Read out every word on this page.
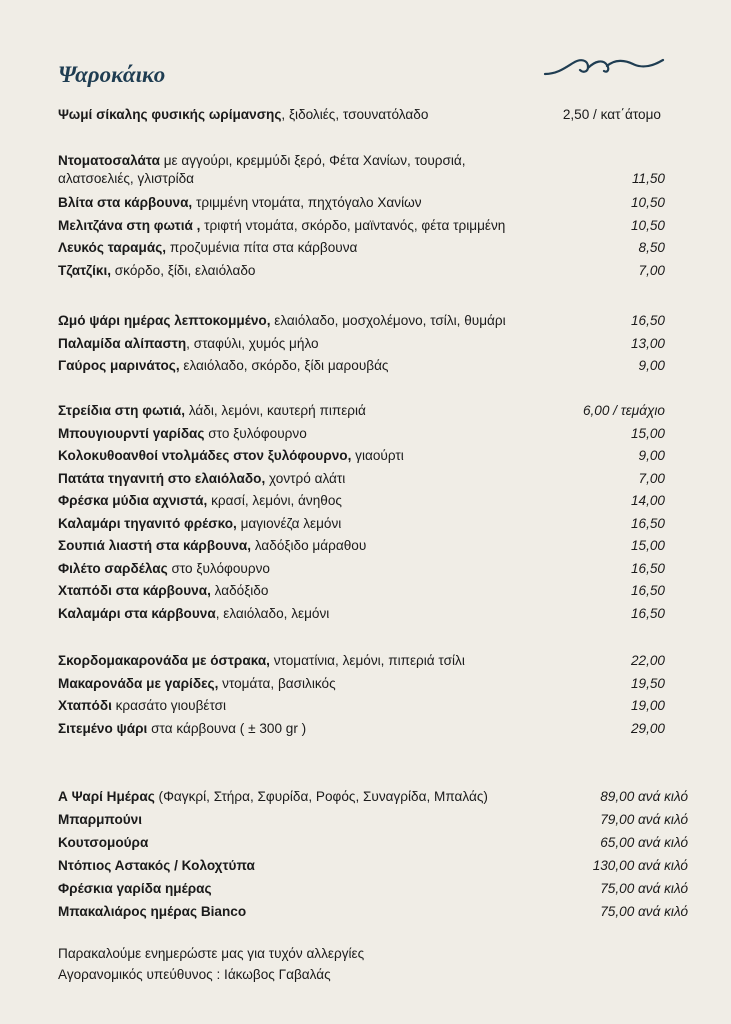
Ψαροκάικο
Ψωμί σίκαλης φυσικής ωρίμανσης, ξιδολιές, τσουνατόλαδο	2,50 / κατ΄άτομο
Ντοματοσαλάτα με αγγούρι, κρεμμύδι ξερό, Φέτα Χανίων, τουρσιά,
αλατσοελιές, γλιστρίδα	11,50
Βλίτα στα κάρβουνα, τριμμένη ντομάτα, πηχτόγαλο Χανίων	10,50
Μελιτζάνα στη φωτιά , τριφτή ντομάτα, σκόρδο, μαϊντανός, φέτα τριμμένη	10,50
Λευκός ταραμάς, προζυμένια πίτα στα κάρβουνα	8,50
Τζατζίκι, σκόρδο, ξίδι, ελαιόλαδο	7,00
Ωμό ψάρι ημέρας λεπτοκομμένο, ελαιόλαδο, μοσχολέμονο, τσίλι, θυμάρι	16,50
Παλαμίδα αλίπαστη, σταφύλι, χυμός μήλο	13,00
Γαύρος μαρινάτος, ελαιόλαδο, σκόρδο, ξίδι μαρουβάς	9,00
Στρείδια στη φωτιά, λάδι, λεμόνι, καυτερή πιπεριά	6,00 / τεμάχιο
Μπουγιουρντί γαρίδας στο ξυλόφουρνο	15,00
Κολοκυθοανθοί ντολμάδες στον ξυλόφουρνο, γιαούρτι	9,00
Πατάτα τηγανιτή στο ελαιόλαδο, χοντρό αλάτι	7,00
Φρέσκα μύδια αχνιστά, κρασί, λεμόνι, άνηθος	14,00
Καλαμάρι τηγανιτό φρέσκο, μαγιονέζα λεμόνι	16,50
Σουπιά λιαστή στα κάρβουνα, λαδόξιδο μάραθου	15,00
Φιλέτο σαρδέλας στο ξυλόφουρνο	16,50
Χταπόδι στα κάρβουνα, λαδόξιδο	16,50
Καλαμάρι στα κάρβουνα, ελαιόλαδο, λεμόνι	16,50
Σκορδομακαρονάδα με όστρακα, ντοματίνια, λεμόνι, πιπεριά τσίλι	22,00
Μακαρονάδα με γαρίδες, ντομάτα, βασιλικός	19,50
Χταπόδι κρασάτο γιουβέτσι	19,00
Σιτεμένο ψάρι στα κάρβουνα ( ± 300 gr )	29,00
Α Ψαρί Ημέρας (Φαγκρί, Στήρα, Σφυρίδα, Ροφός, Συναγρίδα, Μπαλάς)	89,00 ανά κιλό
Μπαρμπούνι	79,00 ανά κιλό
Κουτσομούρα	65,00 ανά κιλό
Ντόπιος Αστακός / Κολοχτύπα	130,00 ανά κιλό
Φρέσκια γαρίδα ημέρας	75,00 ανά κιλό
Μπακαλιάρος ημέρας Bianco	75,00 ανά κιλό
Παρακαλούμε ενημερώστε μας για τυχόν αλλεργίες
Αγορανομικός υπεύθυνος : Ιάκωβος Γαβαλάς
